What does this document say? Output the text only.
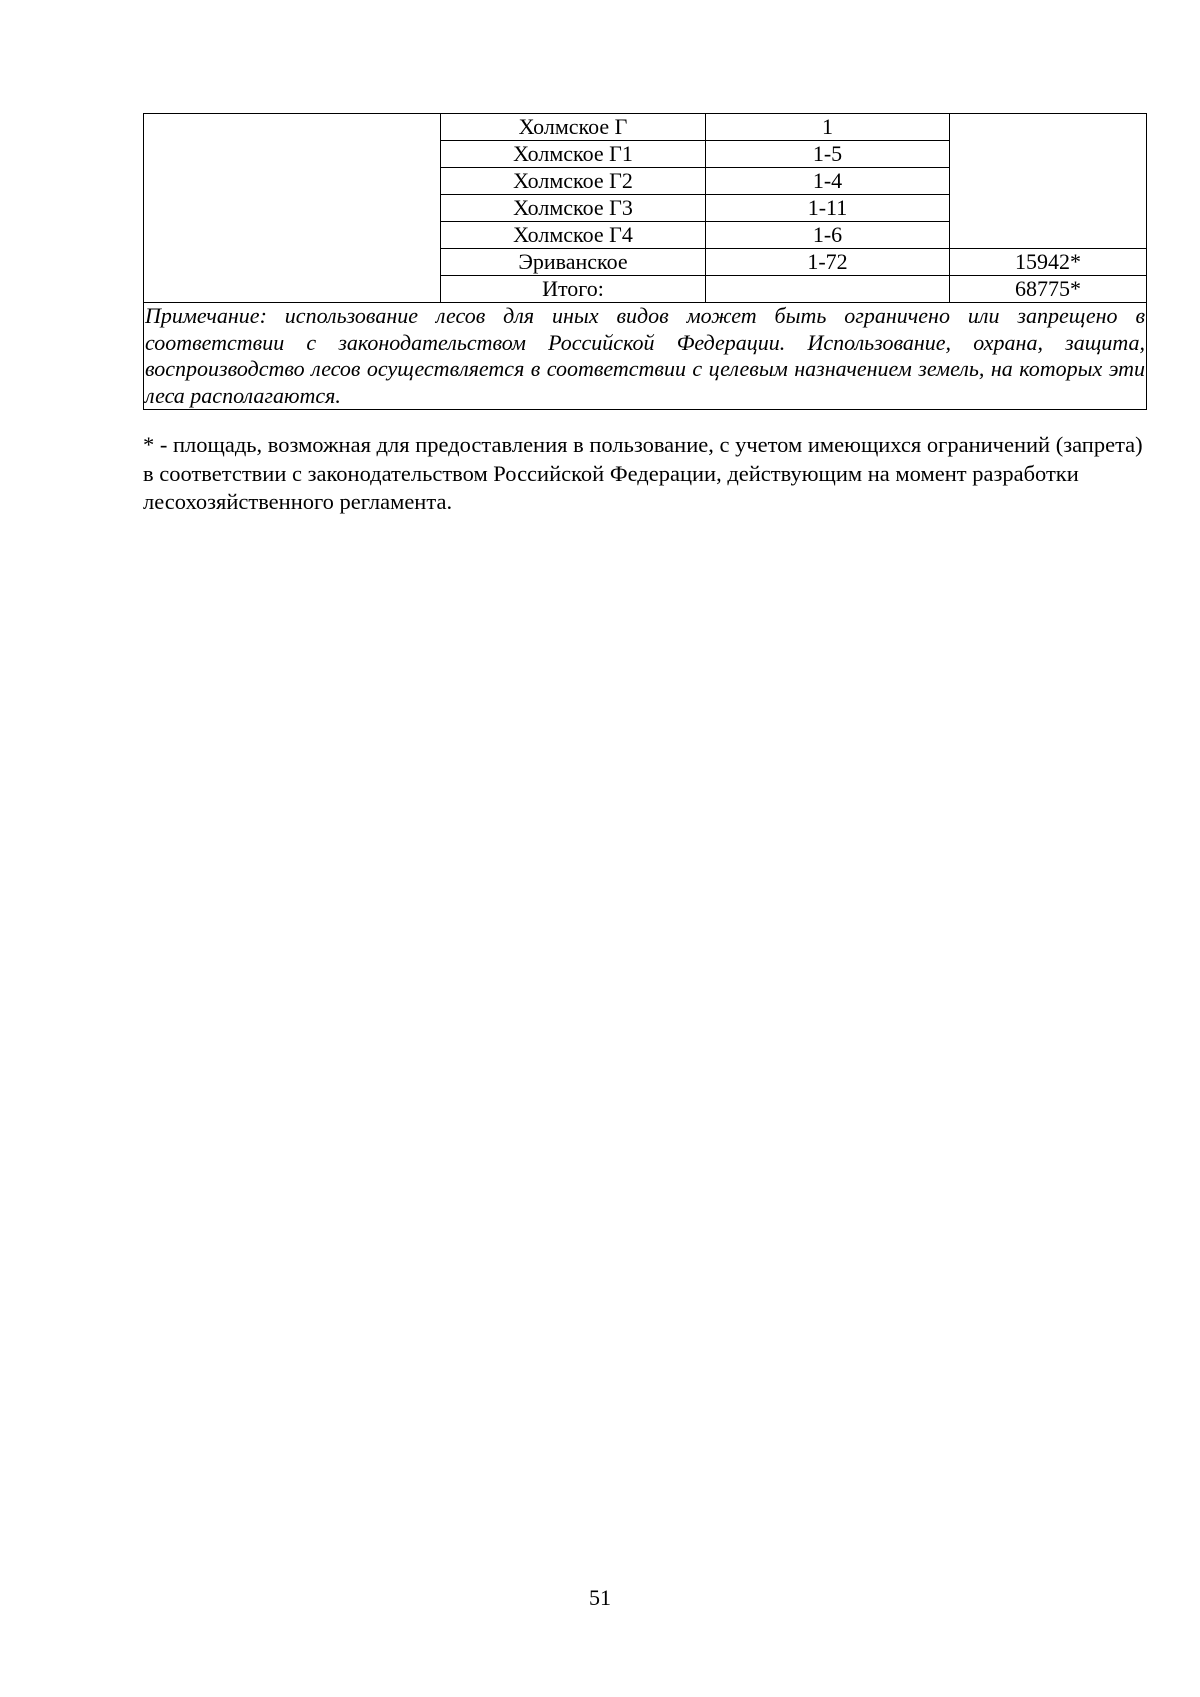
	Холмское Г	1	
	Холмское Г1	1-5	
	Холмское Г2	1-4	
	Холмское Г3	1-11	
	Холмское Г4	1-6	
	Эриванское	1-72	15942*
	Итого:		68775*
Примечание: использование лесов для иных видов может быть ограничено или запрещено в соответствии с законодательством Российской Федерации. Использование, охрана, защита, воспроизводство лесов осуществляется в соответствии с целевым назначением земель, на которых эти леса располагаются.			
* - площадь, возможная для предоставления в пользование, с учетом имеющихся ограничений (запрета) в соответствии с законодательством Российской Федерации, действующим на момент разработки лесохозяйственного регламента.
51
